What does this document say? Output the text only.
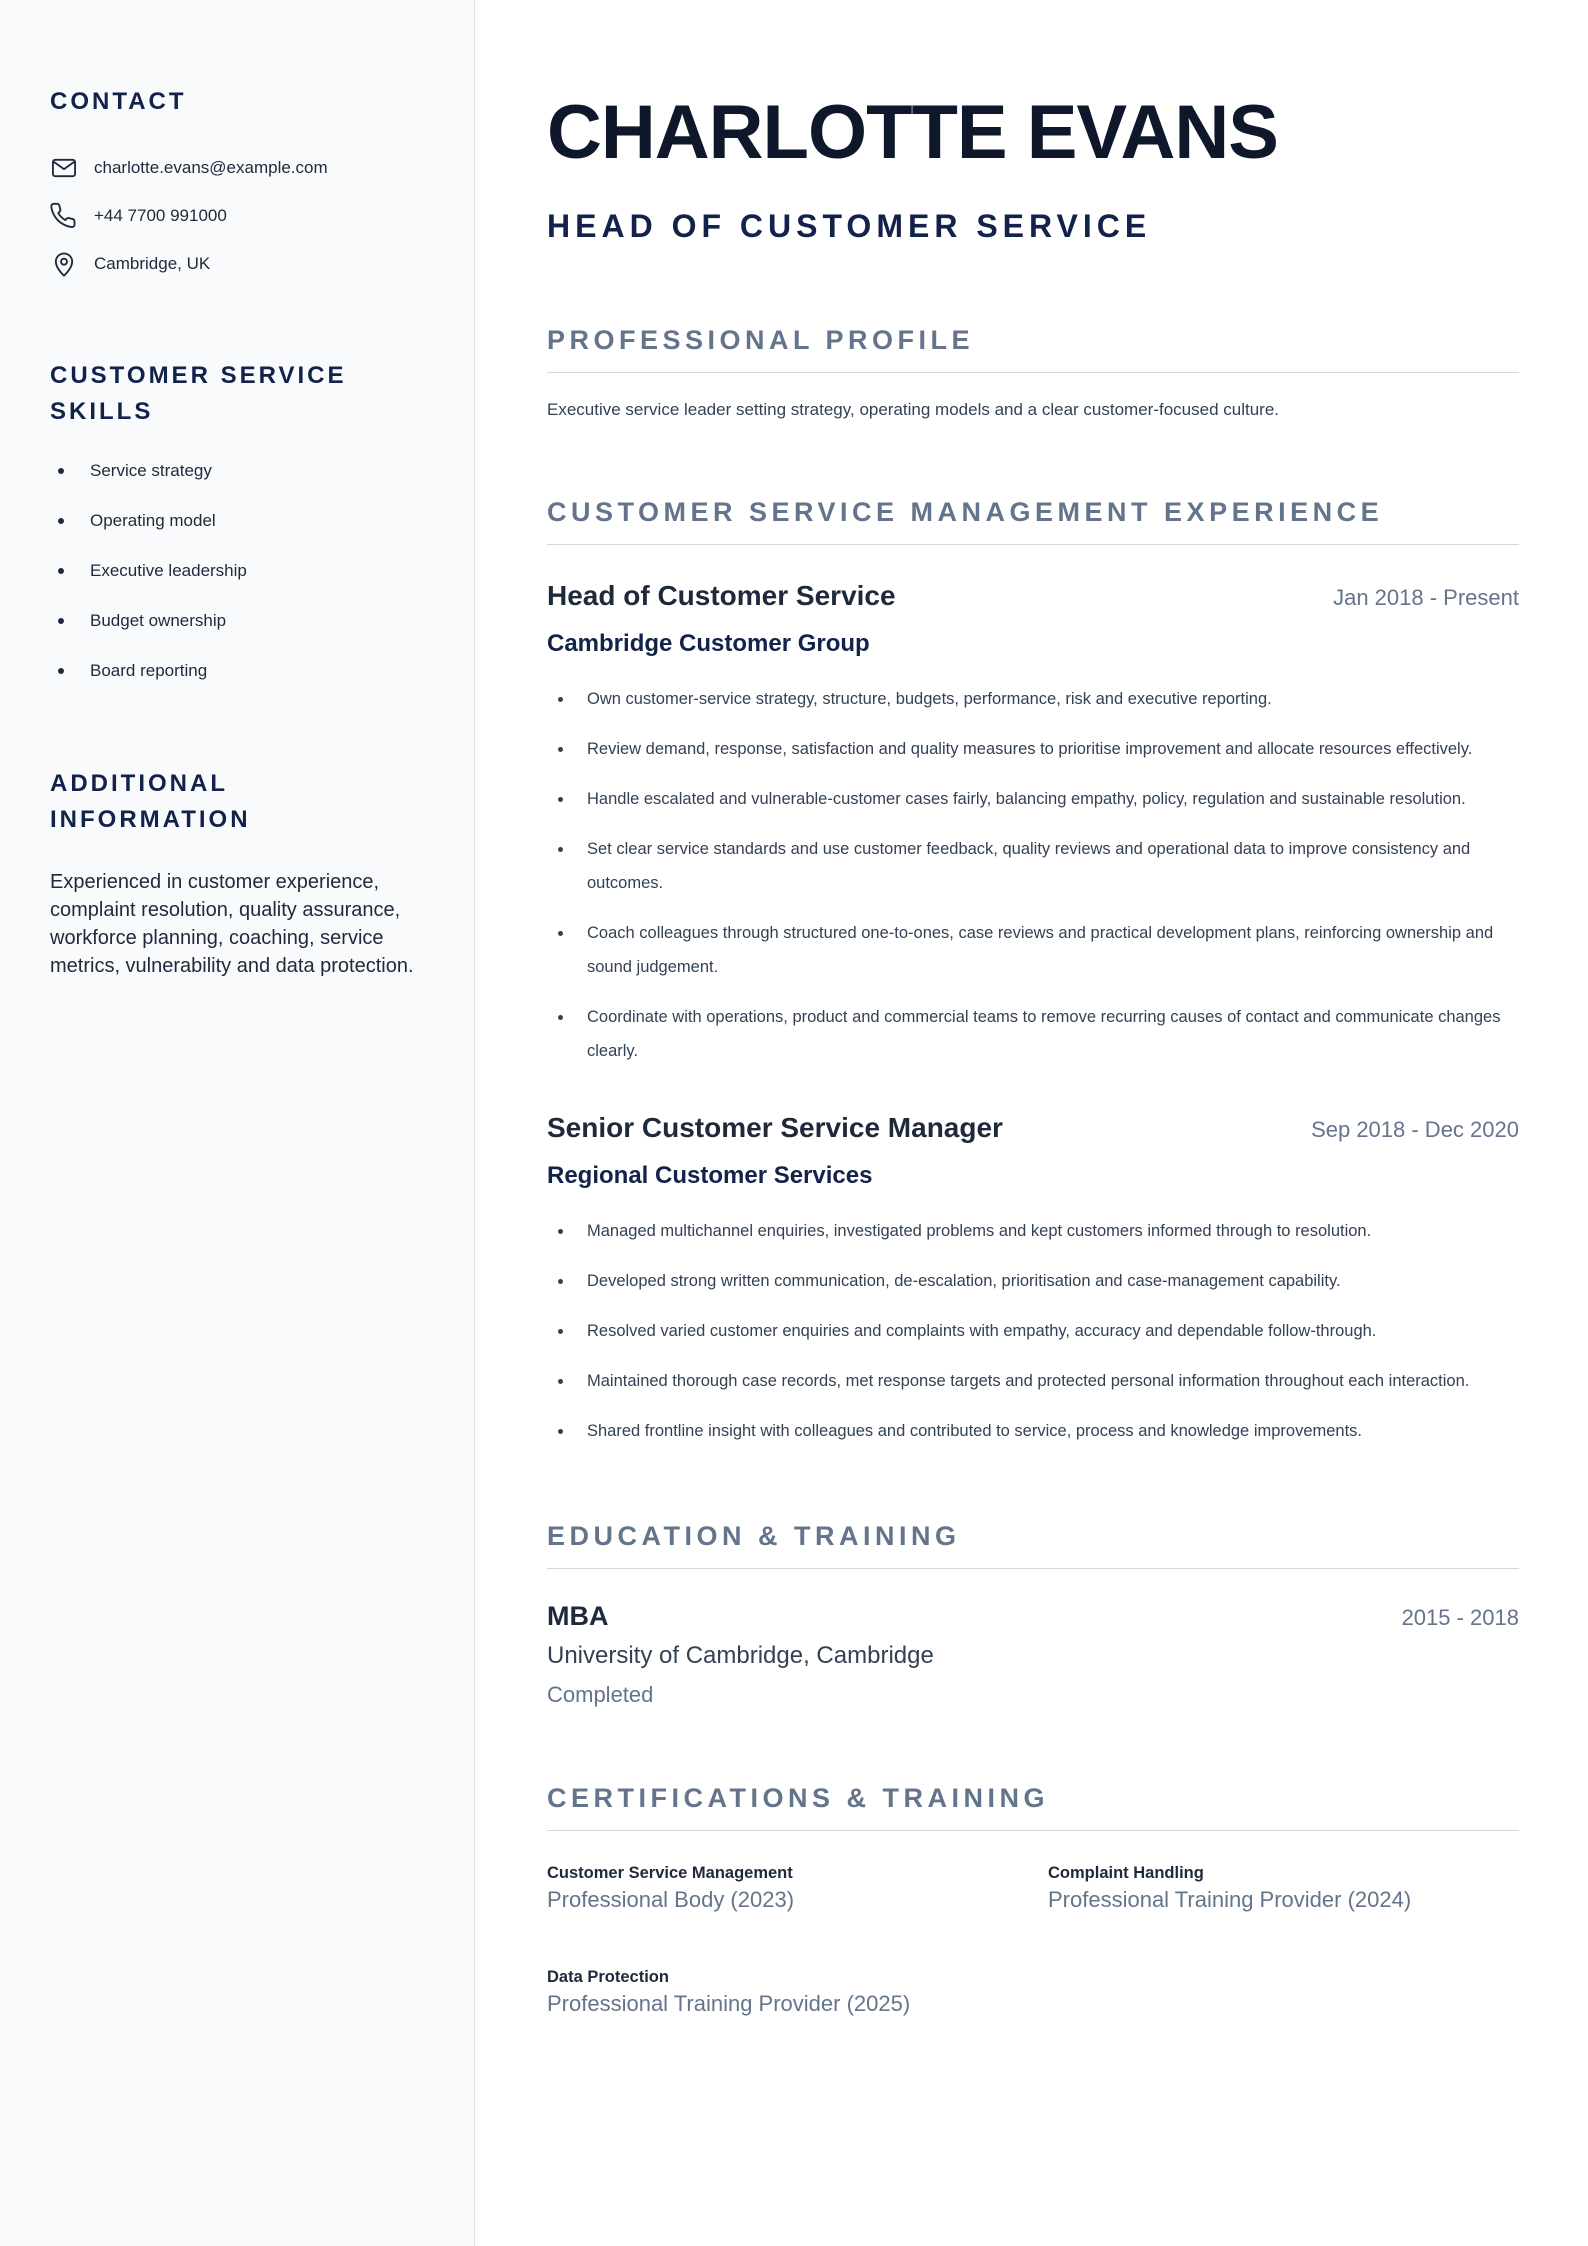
CONTACT
charlotte.evans@example.com
+44 7700 991000
Cambridge, UK
CUSTOMER SERVICE SKILLS
Service strategy
Operating model
Executive leadership
Budget ownership
Board reporting
ADDITIONAL INFORMATION

Experienced in customer experience, complaint resolution, quality assurance, workforce planning, coaching, service metrics, vulnerability and data protection.

CHARLOTTE EVANS
HEAD OF CUSTOMER SERVICE
PROFESSIONAL PROFILE

Executive service leader setting strategy, operating models and a clear customer-focused culture.

CUSTOMER SERVICE MANAGEMENT EXPERIENCE
Head of Customer Service	Jan 2018 - Present
Cambridge Customer Group
Own customer-service strategy, structure, budgets, performance, risk and executive reporting.
Review demand, response, satisfaction and quality measures to prioritise improvement and allocate resources effectively.
Handle escalated and vulnerable-customer cases fairly, balancing empathy, policy, regulation and sustainable resolution.
Set clear service standards and use customer feedback, quality reviews and operational data to improve consistency and outcomes.
Coach colleagues through structured one-to-ones, case reviews and practical development plans, reinforcing ownership and sound judgement.
Coordinate with operations, product and commercial teams to remove recurring causes of contact and communicate changes clearly.
Senior Customer Service Manager	Sep 2018 - Dec 2020
Regional Customer Services
Managed multichannel enquiries, investigated problems and kept customers informed through to resolution.
Developed strong written communication, de-escalation, prioritisation and case-management capability.
Resolved varied customer enquiries and complaints with empathy, accuracy and dependable follow-through.
Maintained thorough case records, met response targets and protected personal information throughout each interaction.
Shared frontline insight with colleagues and contributed to service, process and knowledge improvements.
EDUCATION & TRAINING
MBA	2015 - 2018
University of Cambridge, Cambridge
Completed
CERTIFICATIONS & TRAINING
Customer Service Management
Professional Body (2023)
Complaint Handling
Professional Training Provider (2024)
Data Protection
Professional Training Provider (2025)
